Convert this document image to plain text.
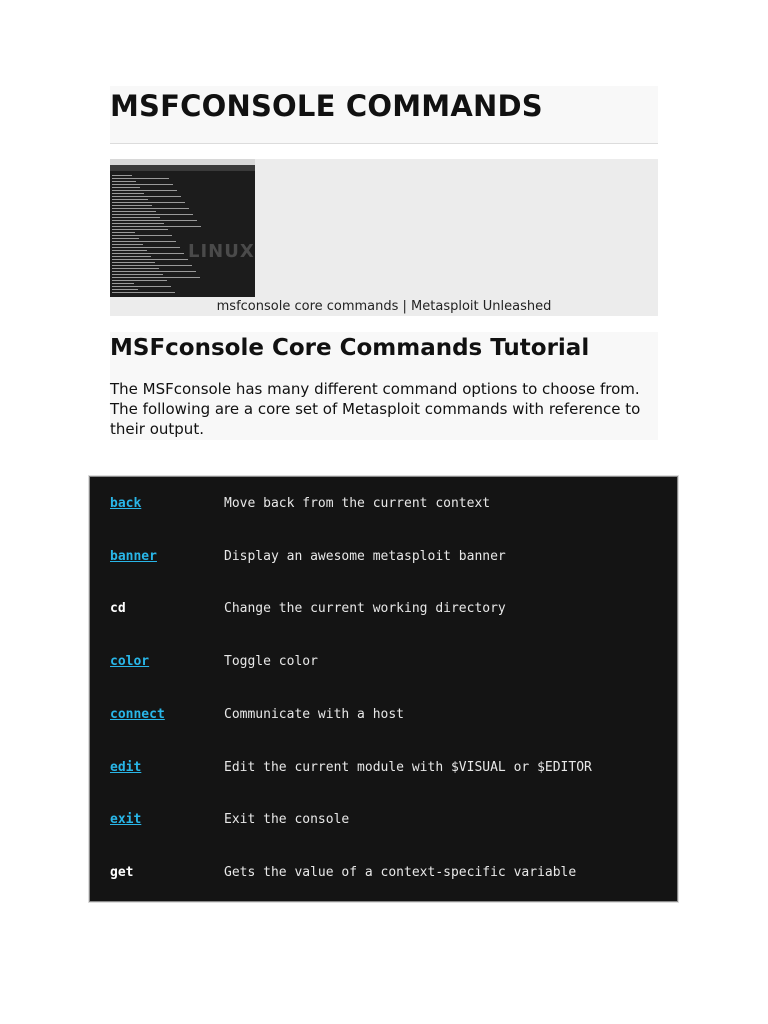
MSFCONSOLE COMMANDS
LINUX
msfconsole core commands | Metasploit Unleashed
MSFconsole Core Commands Tutorial

The MSFconsole has many different command options to choose from. The following are a core set of Metasploit commands with reference to their output.

back	Move back from the current context
banner	Display an awesome metasploit banner
cd	Change the current working directory
color	Toggle color
connect	Communicate with a host
edit	Edit the current module with $VISUAL or $EDITOR
exit	Exit the console
get	Gets the value of a context-specific variable
